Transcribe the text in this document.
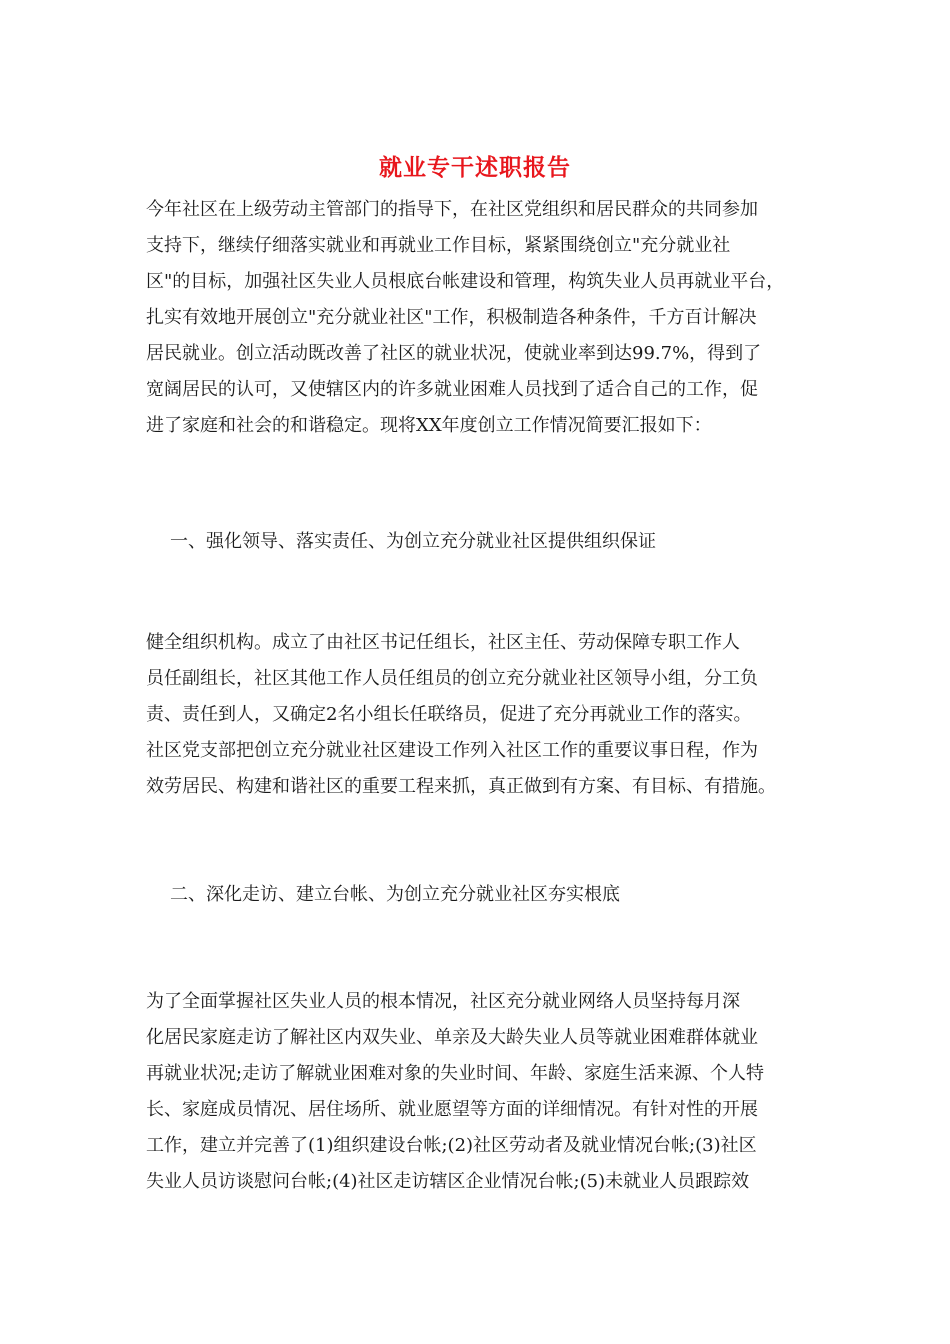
就业专干述职报告
今年社区在上级劳动主管部门的指导下，在社区党组织和居民群众的共同参加
支持下，继续仔细落实就业和再就业工作目标，紧紧围绕创立"充分就业社
区"的目标，加强社区失业人员根底台帐建设和管理，构筑失业人员再就业平台，
扎实有效地开展创立"充分就业社区"工作，积极制造各种条件，千方百计解决
居民就业。创立活动既改善了社区的就业状况，使就业率到达99.7%，得到了
宽阔居民的认可，又使辖区内的许多就业困难人员找到了适合自己的工作，促
进了家庭和社会的和谐稳定。现将XX年度创立工作情况简要汇报如下：
一、强化领导、落实责任、为创立充分就业社区提供组织保证
健全组织机构。成立了由社区书记任组长，社区主任、劳动保障专职工作人
员任副组长，社区其他工作人员任组员的创立充分就业社区领导小组，分工负
责、责任到人，又确定2名小组长任联络员，促进了充分再就业工作的落实。
社区党支部把创立充分就业社区建设工作列入社区工作的重要议事日程，作为
效劳居民、构建和谐社区的重要工程来抓，真正做到有方案、有目标、有措施。
二、深化走访、建立台帐、为创立充分就业社区夯实根底
为了全面掌握社区失业人员的根本情况，社区充分就业网络人员坚持每月深
化居民家庭走访了解社区内双失业、单亲及大龄失业人员等就业困难群体就业
再就业状况;走访了解就业困难对象的失业时间、年龄、家庭生活来源、个人特
长、家庭成员情况、居住场所、就业愿望等方面的详细情况。有针对性的开展
工作，建立并完善了(1)组织建设台帐;(2)社区劳动者及就业情况台帐;(3)社区
失业人员访谈慰问台帐;(4)社区走访辖区企业情况台帐;(5)未就业人员跟踪效
